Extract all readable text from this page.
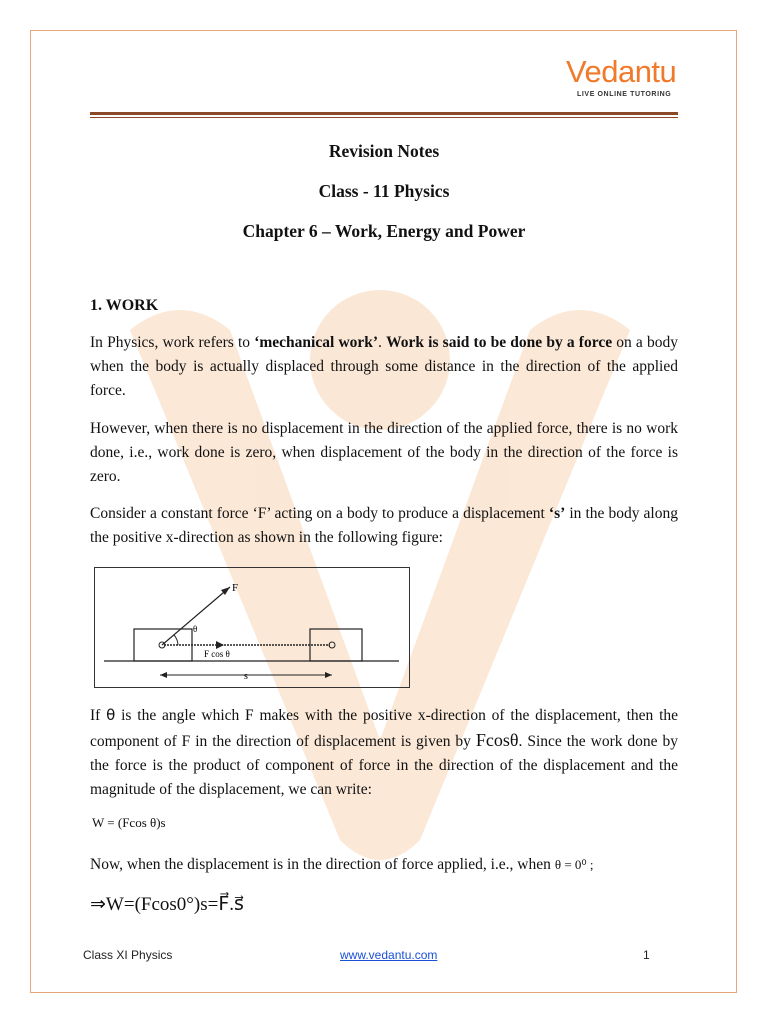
Vedantu
LIVE ONLINE TUTORING
Revision Notes
Class - 11 Physics
Chapter 6 – Work, Energy and Power
1. WORK
In Physics, work refers to ‘mechanical work’. Work is said to be done by a force on a body when the body is actually displaced through some distance in the direction of the applied force.
However, when there is no displacement in the direction of the applied force, there is no work done, i.e., work done is zero, when displacement of the body in the direction of the force is zero.
Consider a constant force ‘F’ acting on a body to produce a displacement ‘s’ in the body along the positive x-direction as shown in the following figure:
F
θ
F cos θ
s
If θ is the angle which F makes with the positive x-direction of the displacement, then the component of F in the direction of displacement is given by Fcosθ. Since the work done by the force is the product of component of force in the direction of the displacement and the magnitude of the displacement, we can write:
W = (Fcos θ)s
Now, when the displacement is in the direction of force applied, i.e., when θ = 0⁰ ;
⇒W=(Fcos0°)s=F⃗.s⃗
Class XI Physics	www.vedantu.com	1
